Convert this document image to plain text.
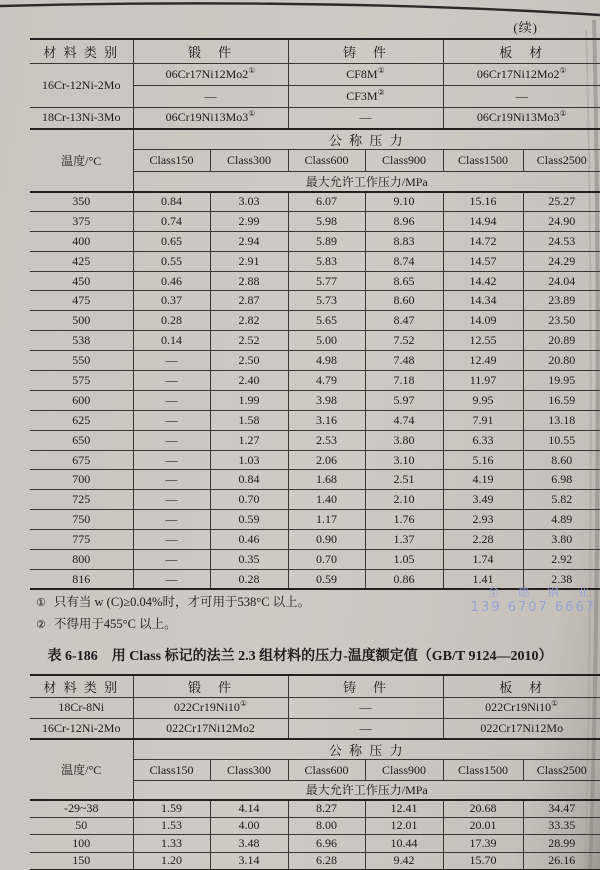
(续)
材 料 类 别	锻　件		铸　件		板　材	
16Cr-12Ni-2Mo	06Cr17Ni12Mo2①		CF8M①		06Cr17Ni12Mo2①
	—		CF3M②		—	
18Cr-13Ni-3Mo	06Cr19Ni13Mo3①		—		06Cr19Ni13Mo3①
温度/°C	公 称 压 力					
	Class150	Class300	Class600	Class900	Class1500	Class2500
	最大允许工作压力/MPa					
350	0.84	3.03	6.07	9.10	15.16	25.27
375	0.74	2.99	5.98	8.96	14.94	24.90
400	0.65	2.94	5.89	8.83	14.72	24.53
425	0.55	2.91	5.83	8.74	14.57	24.29
450	0.46	2.88	5.77	8.65	14.42	24.04
475	0.37	2.87	5.73	8.60	14.34	23.89
500	0.28	2.82	5.65	8.47	14.09	23.50
538	0.14	2.52	5.00	7.52	12.55	20.89
550	—	2.50	4.98	7.48	12.49	20.80
575	—	2.40	4.79	7.18	11.97	19.95
600	—	1.99	3.98	5.97	9.95	16.59
625	—	1.58	3.16	4.74	7.91	13.18
650	—	1.27	2.53	3.80	6.33	10.55
675	—	1.03	2.06	3.10	5.16	8.60
700	—	0.84	1.68	2.51	4.19	6.98
725	—	0.70	1.40	2.10	3.49	5.82
750	—	0.59	1.17	1.76	2.93	4.89
775	—	0.46	0.90	1.37	2.28	3.80
800	—	0.35	0.70	1.05	1.74	2.92
816	—	0.28	0.59	0.86	1.41	2.38
① 只有当 w (C)≥0.04%时，才可用于538°C 以上。
② 不得用于455°C 以上。
至 德 钢 业
139 6707 6667
表 6-186　用 Class 标记的法兰 2.3 组材料的压力-温度额定值（GB/T 9124—2010）
材 料 类 别	锻　件		铸　件		板　材	
18Cr-8Ni	022Cr19Ni10①		—		022Cr19Ni10①
16Cr-12Ni-2Mo	022Cr17Ni12Mo2		—		022Cr17Ni12Mo	
温度/°C	公 称 压 力					
	Class150	Class300	Class600	Class900	Class1500	Class2500
	最大允许工作压力/MPa					
-29~38	1.59	4.14	8.27	12.41	20.68	34.47
50	1.53	4.00	8.00	12.01	20.01	33.35
100	1.33	3.48	6.96	10.44	17.39	28.99
150	1.20	3.14	6.28	9.42	15.70	26.16
